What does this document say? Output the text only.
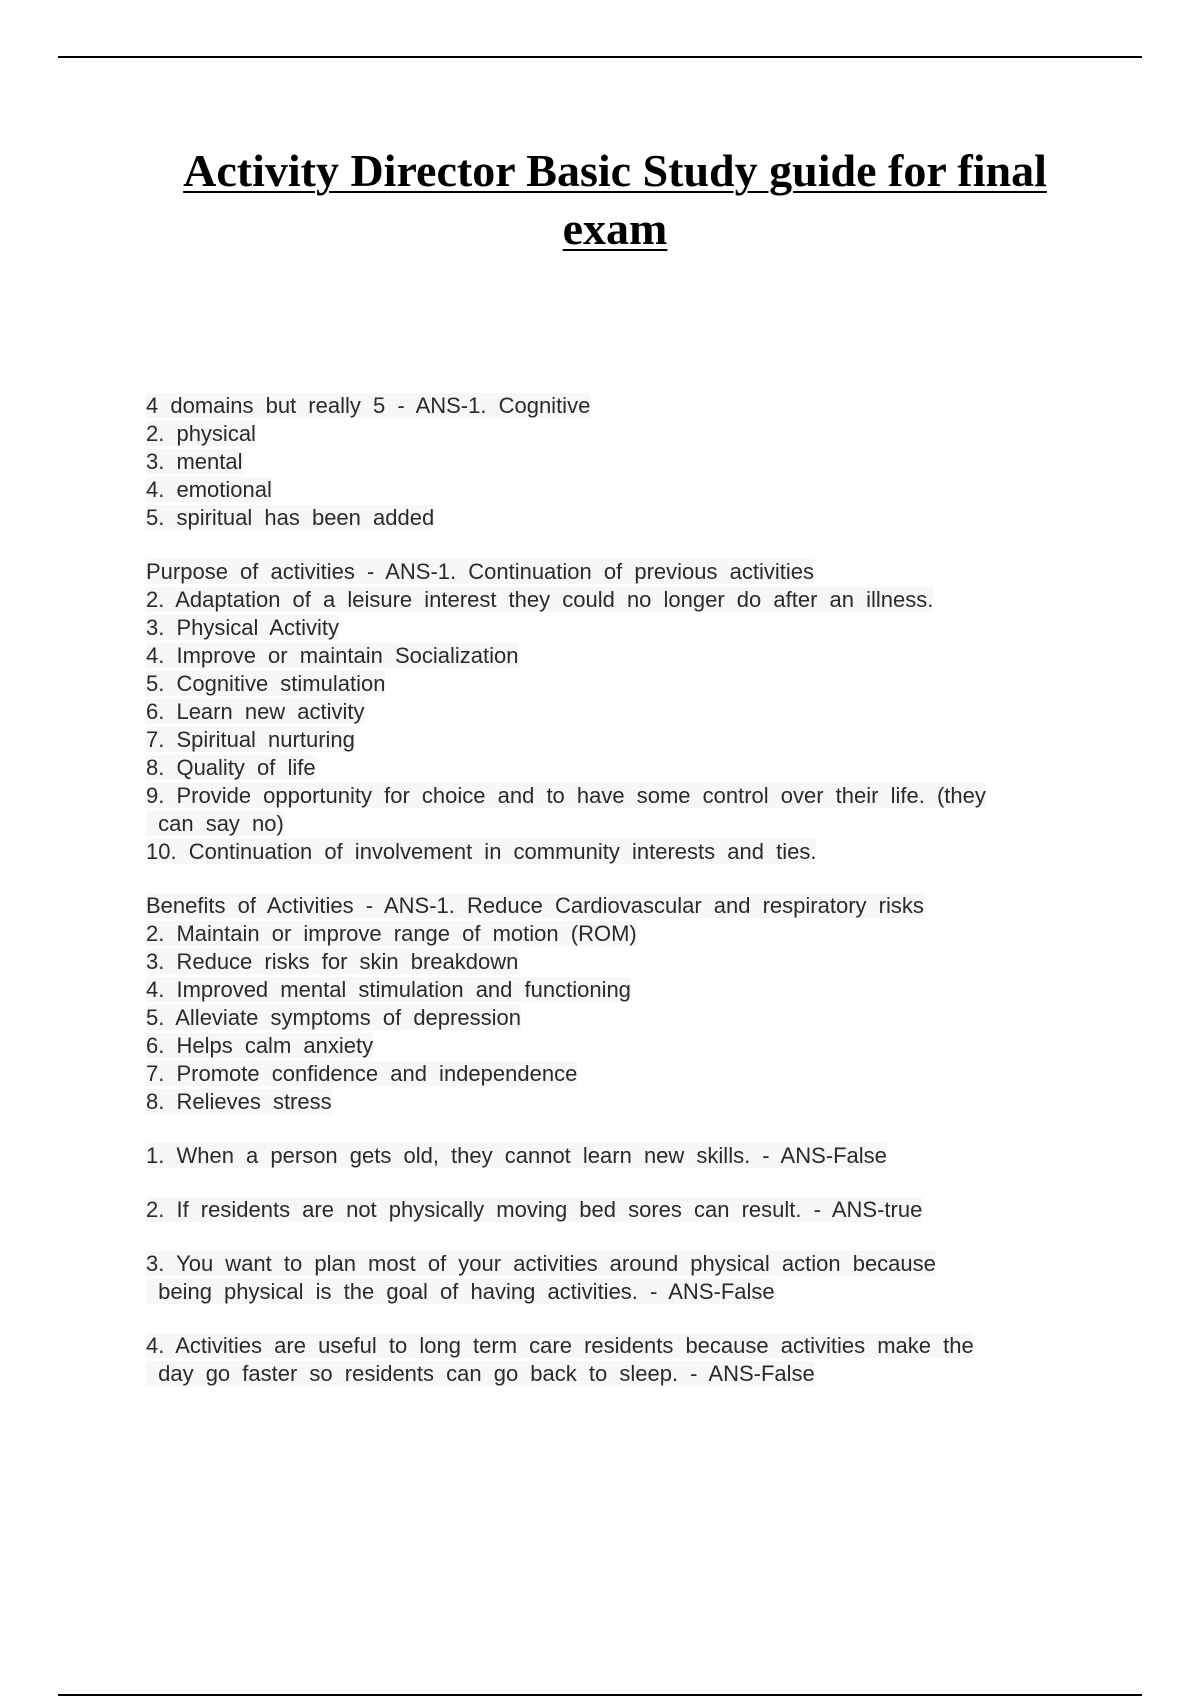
Activity Director Basic Study guide for final
exam
4 domains but really 5 - ANS-1. Cognitive
2. physical
3. mental
4. emotional
5. spiritual has been added
Purpose of activities - ANS-1. Continuation of previous activities
2. Adaptation of a leisure interest they could no longer do after an illness.
3. Physical Activity
4. Improve or maintain Socialization
5. Cognitive stimulation
6. Learn new activity
7. Spiritual nurturing
8. Quality of life
9. Provide opportunity for choice and to have some control over their life. (they
can say no)
10. Continuation of involvement in community interests and ties.
Benefits of Activities - ANS-1. Reduce Cardiovascular and respiratory risks
2. Maintain or improve range of motion (ROM)
3. Reduce risks for skin breakdown
4. Improved mental stimulation and functioning
5. Alleviate symptoms of depression
6. Helps calm anxiety
7. Promote confidence and independence
8. Relieves stress
1. When a person gets old, they cannot learn new skills. - ANS-False
2. If residents are not physically moving bed sores can result. - ANS-true
3. You want to plan most of your activities around physical action because
being physical is the goal of having activities. - ANS-False
4. Activities are useful to long term care residents because activities make the
day go faster so residents can go back to sleep. - ANS-False
